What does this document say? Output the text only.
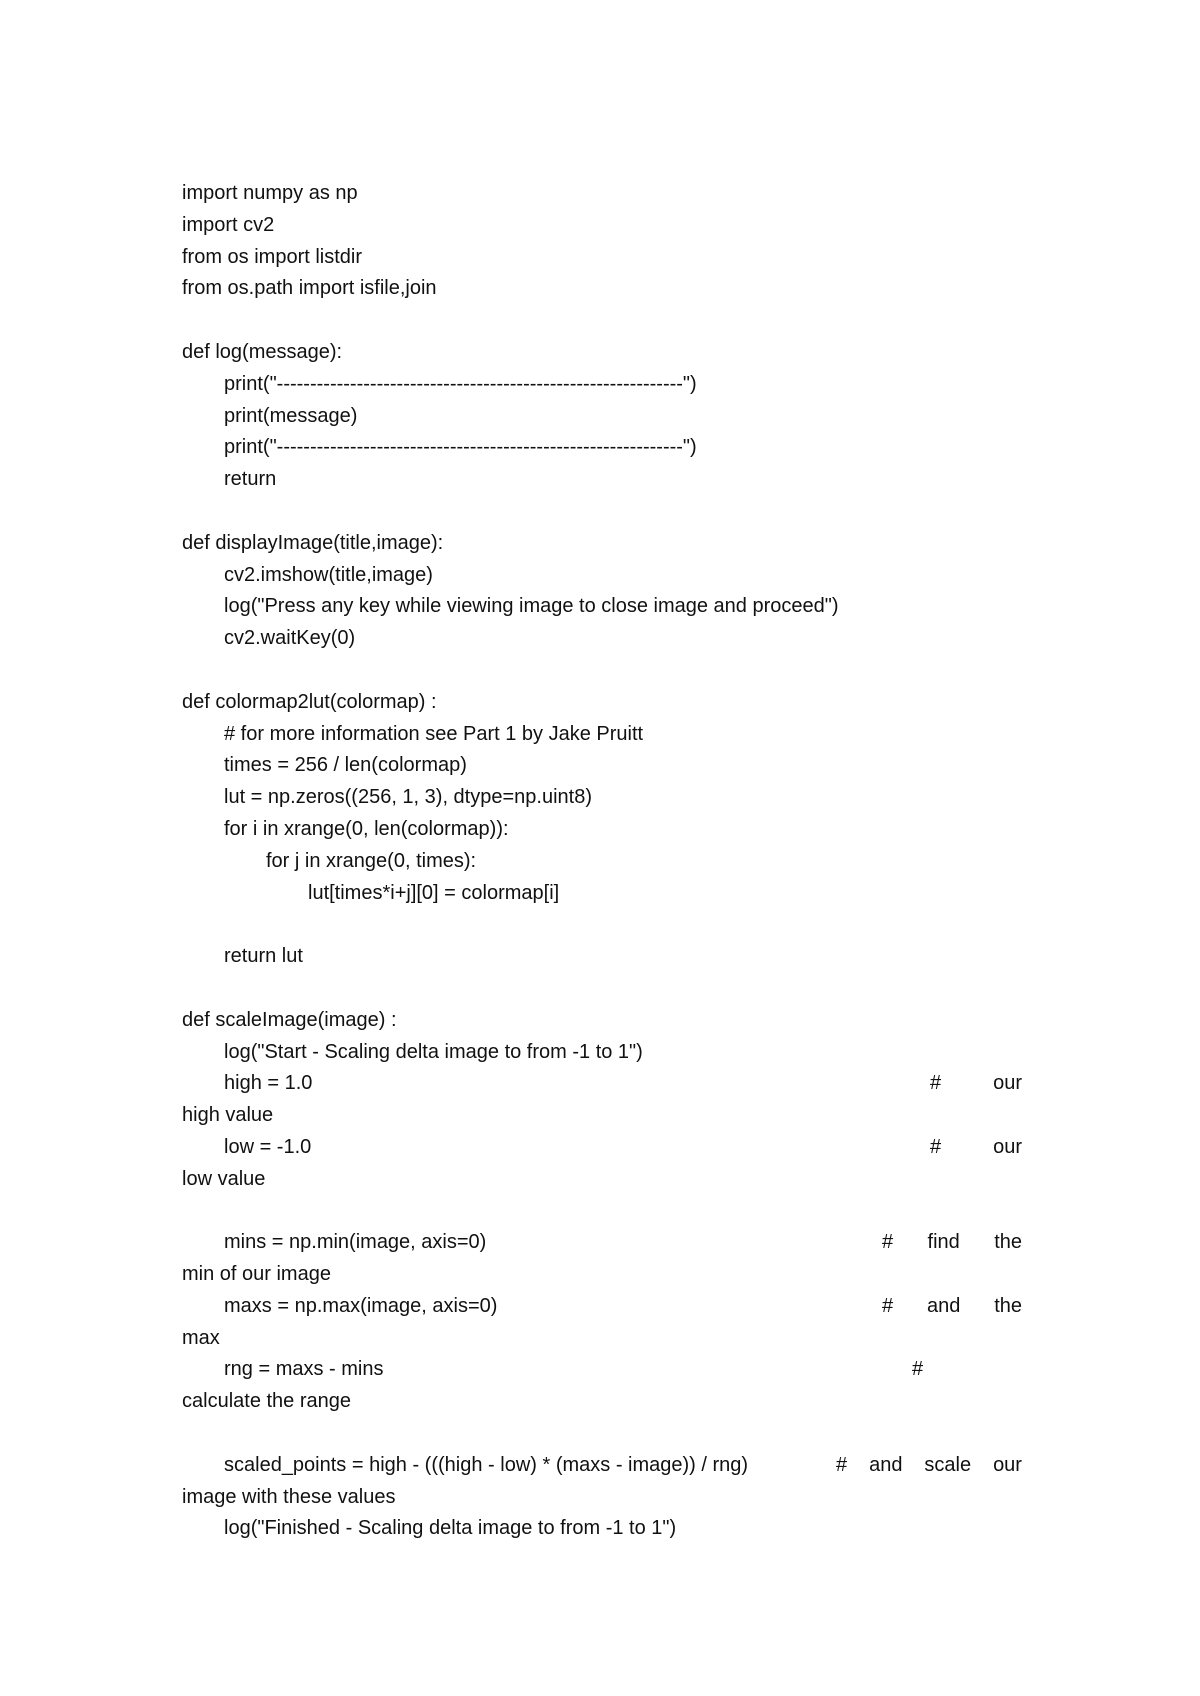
import numpy as np
import cv2
from os import listdir
from os.path import isfile,join
def log(message):
print("-------------------------------------------------------------")
print(message)
print("-------------------------------------------------------------")
return
def displayImage(title,image):
cv2.imshow(title,image)
log("Press any key while viewing image to close image and proceed")
cv2.waitKey(0)
def colormap2lut(colormap) :
# for more information see Part 1 by Jake Pruitt
times = 256 / len(colormap)
lut = np.zeros((256, 1, 3), dtype=np.uint8)
for i in xrange(0, len(colormap)):
for j in xrange(0, times):
lut[times*i+j][0] = colormap[i]
return lut
def scaleImage(image) :
log("Start - Scaling delta image to from -1 to 1")
high = 1.0	#	our
high value
low = -1.0	#	our
low value
mins = np.min(image, axis=0)	# find the
min of our image
maxs = np.max(image, axis=0)	# and the
max
rng = maxs - mins	#
calculate the range
scaled_points = high - (((high - low) * (maxs - image)) / rng)	# and scale our
image with these values
log("Finished - Scaling delta image to from -1 to 1")
